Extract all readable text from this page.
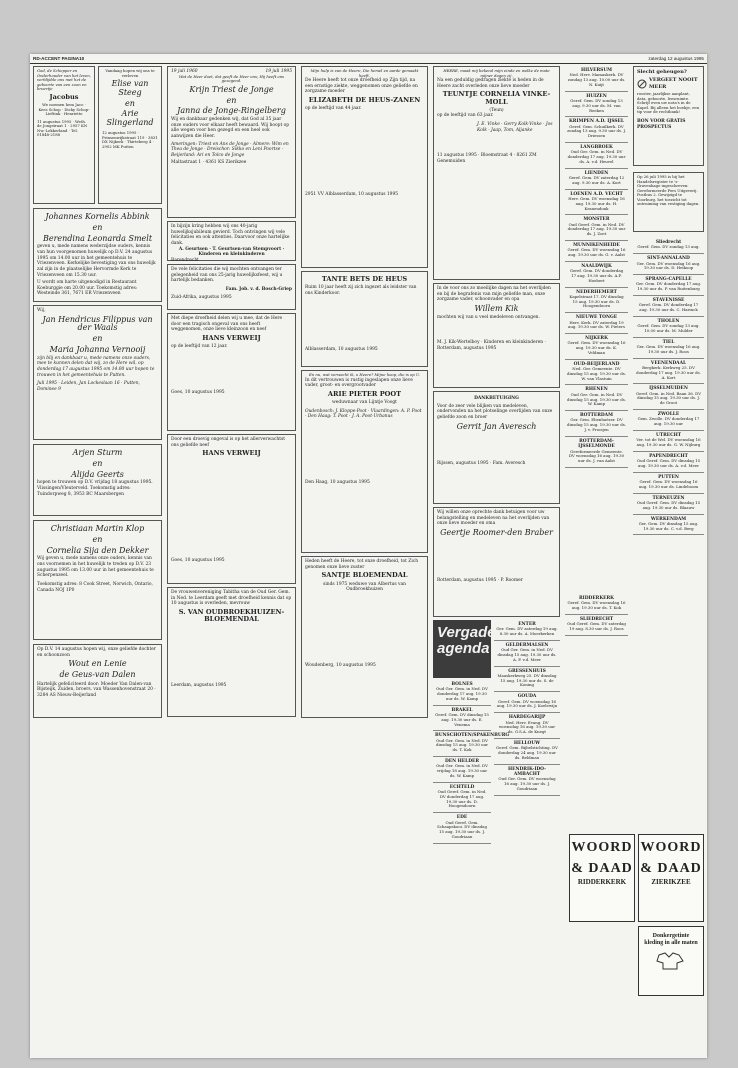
RD-ACCENT PAGINA10	zaterdag 12 augustus 1995

God, de Schepper en Onderhouder van het leven, verblijdde ons met het de geboorte van een zoon en broertje

Jacobus

We noemen hem Jaco · Kees Schop · Dicky Schop-Lieftink · Henriette

11 augustus 1995 · Weth. de Jongstraat 1 · 2957 KN Nw.-Lekkerland · Tel. 01848-2188

Vandaag hopen wij ons te verloven

Elise van Steeg

en

Arie Slingerland

12 augustus 1995 · Prinsenwijkstraat 119 · 3831 DX Nijkerk · Thirteberg 4 · 2902 MK Putten

Johannes Kornelis Abbink

en

Berendina Leonarda Smelt

geven u, mede namens wederzijdse ouders, kennis van hun voorgenomen huwelijk op D.V. 24 augustus 1995 om 14.00 uur in het gemeentehuis te Vriezenveen. Kerkelijke bevestiging van ons huwelijk zal zijn in de plaatselijke Hervormde Kerk te Vriezenveen om 15.30 uur.

U wordt om harte uitgenodigd in Restaurant Koeburggie om 20.00 uur. Toekomstig adres: Westeinde 361, 7671 ER Vriezenveen

Wij,

Jan Hendricus Filippus van der Waals

en

Maria Johanna Vernooij

zijn blij en dankbaar u, mede namens onze ouders, mee te kunnen delen dat wij, zo de Here wil, op donderdag 17 augustus 1995 om 14.00 uur hopen te trouwen in het gemeentehuis te Putten.

Juli 1995 · Leiden, Jan Lockeslaan 16 · Putten, Dominee 9

Arjen Sturm

en

Alijda Geerts

hopen te trouwen op D.V. vrijdag 18 augustus 1995. Vlissingen/Vleuterveld. Toekomstig adres: Tuindorpweg 8, 3953 BC Maarsbergen

Christiaan Martin Klop

en

Cornelia Sija den Dekker

Wij geven u, mede namens onze ouders, kennis van ons voornemen in het huwelijk te treden op D.V. 23 augustus 1995 om 13.00 uur in het gemeentehuis te Scherpenzeel.

Toekomstig adres: 8 Cook Street, Norwich, Ontario, Canada NOJ 1P0

Op D.V. 14 augustus hopen wij, onze geliefde dochter en schoonzoon

Wout en Lenie

de Geus-van Dalen

Hartelijk gefeliciteerd door: Moeder Van Dalen-van Bijsteijk, Zuiden, broers. van Wassenhovenstraat 20 · 3284 AS Nieuw-Beijerland

19 juli 1960	19 juli 1995

Wat de Heer doet, dat geeft de Heer ons; Hij heeft ons gezegend.

Krijn Triest de Jonge

en

Janna de Jonge-Ringelberg

Wij en dankbaar gedenken wij, dat God al 35 jaar onze ouders voor elkaar heeft bewaard. Wij hoopt op alle wegen voor hen gezegd en een heel ook aanwijzen die Heer.

Ameringen: Triest en Ans de Jonge · Almere: Wim en Thea de Jonge · Dreischor: Sikko en Leni Poortse · Beijerland: Ari en Tolco de Jonge

Maltastraat 1 · 4361 KS Zierikzee

In bijzijn kring hebben wij ons 40-jarig huwelijksjubileum gevierd. Toch ontvingen wij vele felicitaties en ook attenties. Daarvoor onze hartelijke dank.

A. Geurtsen · T. Geurtsen-van Stempvoort · Kinderen en kleinkinderen

Barendrecht

De vele felicitaties die wij mochten ontvangen ter gelegenheid van ons 25-jarig huwelijksfeest, wij u hartelijk bedanken.

Fam. Job. v. d. Bosch-Griep

Zuid-Afrika, augustus 1995

Met diepe droefheid delen wij u mee, dat de Here door een tragisch ongeval van ons heeft weggenomen, onze lieve kleinzoon en neef

HANS VERWEIJ

op de leeftijd van 12 jaar.

Goes, 10 augustus 1995

Door een droevig ongeval is op het allerverwachtst ons geliefde neef

HANS VERWEIJ

Goes, 10 augustus 1995

De vrouwenvereniging Tabitha van de Oud Ger. Gem. in Ned. te Leerdam geeft met droefheid kennis dat op 10 augustus is overleden, mevrouw

S. VAN OUDBROEKHUIZEN-BLOEMENDAL

Leerdam, augustus 1995

Mijn hulp is van de Heere, Die hemel en aarde gemaakt heeft.

De Heere heeft tot onze droefheid op Zijn tijd, na een ernstige ziekte, weggenomen onze geliefde en zorgzame moeder

ELIZABETH DE HEUS-ZANEN

op de leeftijd van 44 jaar.

2951 VV Alblasserdam, 10 augustus 1995

TANTE BETS DE HEUS

Ruim 10 jaar heeft zij zich ingezet als leidster van ons Kinderkoor.

Alblasserdam, 10 augustus 1995

En nu, wat verwacht ik, o Heere? Mijne hoop, die is op U.

In dit vertrouwen is rustig ingeslapen onze lieve vader, groot- en overgrootvader

ARIE PIETER POOT

weduwnaar van Lijntje Voogt

Oudenbosch: J. Kloppe-Poot · Vlaardingen: A. P. Poot · Den Haag: T. Poot · J. A. Poot-Urbanus

Den Haag, 10 augustus 1995

Heden heeft de Heere, tot onze droefheid, tot Zich genomen onze lieve zuster

SANTJE BLOEMENDAL

sinds 1975 weduwe van Albertus van Oudbroekhuizen

Woudenberg, 10 augustus 1995

HEERE, maak mij bekend mijn einde en welke de mate mijner dagen zij.

Na een geduldig gedragen ziekte is heden in de Heere zacht overleden onze lieve moeder

TEUNTJE CORNELIA VINKE-MOLL

(Teun)

op de leeftijd van 63 jaar.

J. E. Vinke · Gerry Kolk-Vinke · Jos Kolk · Jaap, Tom, Aljanke

11 augustus 1995 · Bloemstraat 4 · 8261 ZM Genemuiden

In de voor ons zo moeilijke dagen na het overlijden en bij de begrafenis van mijn geliefde man, onze zorgzame vader, schoonvader en opa

Willem Kik

mochten wij van u veel medeleven ontvangen.

M. J. Kik-Wertelboy · Kinderen en kleinkinderen · Rotterdam, augustus 1995

DANKBETUIGING

Voor de zeer vele blijken van medeleven, ondervonden na het plotselinge overlijden van onze geliefde zoon en broer

Gerrit Jan Averesch

Rijssen, augustus 1995 · Fam. Averesch

Wij willen onze oprechte dank betuigen voor uw belangstelling en medeleven na het overlijden van onze lieve moeder en oma

Geertje Roomer-den Braber

Rotterdam, augustus 1995 · P. Roomer

Vergader-agenda
BOLNES
Oud Ger. Gem. in Ned. DV donderdag 17 aug. 19.30 uur ds. W. Kamp
BRAKEL
Geref. Gem. DV dinsdag 15 aug. 19.30 uur ds. E. Venema
BUNSCHOTEN/SPAKENBURG
Oud Ger. Gem. in Ned. DV dinsdag 15 aug. 19.30 uur ds. T. Kok
DEN HELDER
Oud Ger. Gem. in Ned. DV vrijdag 18 aug. 19.30 uur ds. W. Kamp
ECHTELD
Oud Geref. Gem. in Ned. DV donderdag 17 aug. 19.30 uur ds. D. Hoogendoorn
EDE
Oud Geref. Gem. Schaapskooi. DV dinsdag 15 aug. 19.30 uur ds. J. Goudriaan
ENTER
Ger. Gem. DV zaterdag 19 aug. 8.30 uur ds. A. Moerkerken
GELDERMALSEN
Oud Ger. Gem. in Ned. DV dinsdag 15 aug. 19.30 uur ds. A. P. v.d. Meer
GRESSENHUIS
Maaskerkweg 25. DV dinsdag 15 aug. 19.30 uur ds. S. de Koning
GOUDA
Geref. Gem. DV woensdag 16 aug. 19.30 uur ds. J. Koelewijn
HARDEGARIJP
Ned. Herv. Evang. DV woensdag 16 aug. 19.30 uur ds. G.S.A. de Knegt
HELLOUW
Geref. Gem. Bijbelstichting. DV donderdag 24 aug. 19.30 uur ds. Beldman
HENDRIK-IDO-AMBACHT
Oud Ger. Gem. DV woensdag 16 aug. 19.30 uur ds. J. Goudriaan
HILVERSUM
Ned. Herv. Mamaskerk. DV zondag 13 aug. 10.00 uur ds. N. Kuijt
HUIZEN
Geref. Gem. DV zondag 13 aug. 9.30 uur ds. M. van Reeken
KRIMPEN A.D. IJSSEL
Geref. Gem. Schuilkerk. DV zondag 13 aug. 9.30 uur ds. J. Driessen
LANGBROEK
Oud Ger. Gem. in Ned. DV donderdag 17 aug. 19.30 uur ds. A. v.d. Heuvel
LIENDEN
Geref. Gem. DV zaterdag 12 aug. 9.30 uur ds. A. Kort
LOENEN A.D. VECHT
Herv. Gem. DV woensdag 16 aug. 19.30 uur ds. H. Kranendonk
MONSTER
Oud Geref. Gem. in Ned. DV donderdag 17 aug. 19.30 uur ds. J. Zoet
MUNNIKENHEIDE
Geref. Gem. DV woensdag 16 aug. 19.30 uur ds. G. v. Aalst
NAALDWIJK
Geref. Gem. DV donderdag 17 aug. 19.30 uur ds. A.F. Hoebert
NEDERHEMERT
Kapelstraat 17. DV dinsdag 15 aug. 19.30 uur ds. D. Hoogendoorn
NIEUWE TONGE
Herv. Kerk. DV zaterdag 19 aug. 19.30 uur ds. W. Pieters
NIJKERK
Geref. Gem. DV woensdag 16 aug. 19.30 uur ds. K. Veldman
OUD-BEIJERLAND
Ned. Ger. Gemeente. DV dinsdag 15 aug. 19.30 uur ds. W. van Vlastuin
RHENEN
Oud Ger. Gem. in Ned. DV dinsdag 15 aug. 19.30 uur ds. W. Kamp
ROTTERDAM
Ger. Gem. Ebenhaëzer. DV dinsdag 15 aug. 19.30 uur ds. J. v. Prooijen
ROTTERDAM-IJSSELMONDE
Gereformeerde Gemeente. DV woensdag 16 aug. 19.30 uur ds. J. van Aalst
RIDDERKERK
Geref. Gem. DV woensdag 16 aug. 19.30 uur ds. T. Kok
SLIEDRECHT
Oud Geref. Gem. DV zaterdag 19 aug. 8.30 uur ds. J. Roos

Slecht geheugen?

VERGEET NOOIT MEER

rooster, jaarlijkse aanplant, data, geboorte, leesruimte. Schrijf even uw nota's in de Kapel. Bij alleen het boekje, een tip voor de rechtbank!

BON VOOR GRATIS PROSPECTUS

Op 26 juli 1995 is bij het Handelsregister te 's-Gravenhage ingeschreven: Gereformeerde Pers Uitgeverij. Postbus 2. Gewijzigd te Voorburg, het toezicht tot ontruiming van vestiging dagen.

Sliedrecht
Geref. Gem. DV zondag 13 aug.
SINT-ANNALAND
Ger. Gem. DV woensdag 16 aug. 19.30 uur ds. D. Heikoop
SPRANG-CAPELLE
Ger. Gem. DV donderdag 17 aug. 19.30 uur ds. P. van Ruitenburg
STAVENISSE
Geref. Gem. DV donderdag 17 aug. 19.30 uur ds. C. Harinck
THOLEN
Geref. Gem. DV zondag 13 aug. 10.00 uur ds. M. Mulder
TIEL
Ger. Gem. DV woensdag 16 aug. 19.30 uur ds. J. Roos
VEENENDAAL
Bergkerk. Kerkweg 25. DV donderdag 17 aug. 19.30 uur ds. A. Kort
IJSSELMUIDEN
Geref. Gem. in Ned. Baan 36. DV dinsdag 15 aug. 19.30 uur ds. J. de Groot
ZWOLLE
Gem. Zwolle. DV donderdag 17 aug. 19.30 uur
UTRECHT
Ver. tot de Wel. DV woensdag 16 aug. 19.30 uur ds. G. W. Nijburg
PAPENDRECHT
Oud Geref. Gem. DV dinsdag 15 aug. 19.30 uur ds. A. v.d. Meer
PUTTEN
Geref. Gem. DV woensdag 16 aug. 19.30 uur ds. Lindeboom
TERNEUZEN
Oud Geref. Gem. DV dinsdag 15 aug. 19.30 uur ds. Blaauw
WERKENDAM
Ger. Gem. DV dinsdag 15 aug. 19.30 uur ds. C. v.d. Berg
WOORD
& DAAD
RIDDERKERK
WOORD
& DAAD
ZIERIKZEE
Donkergetinte kleding in alle maten
